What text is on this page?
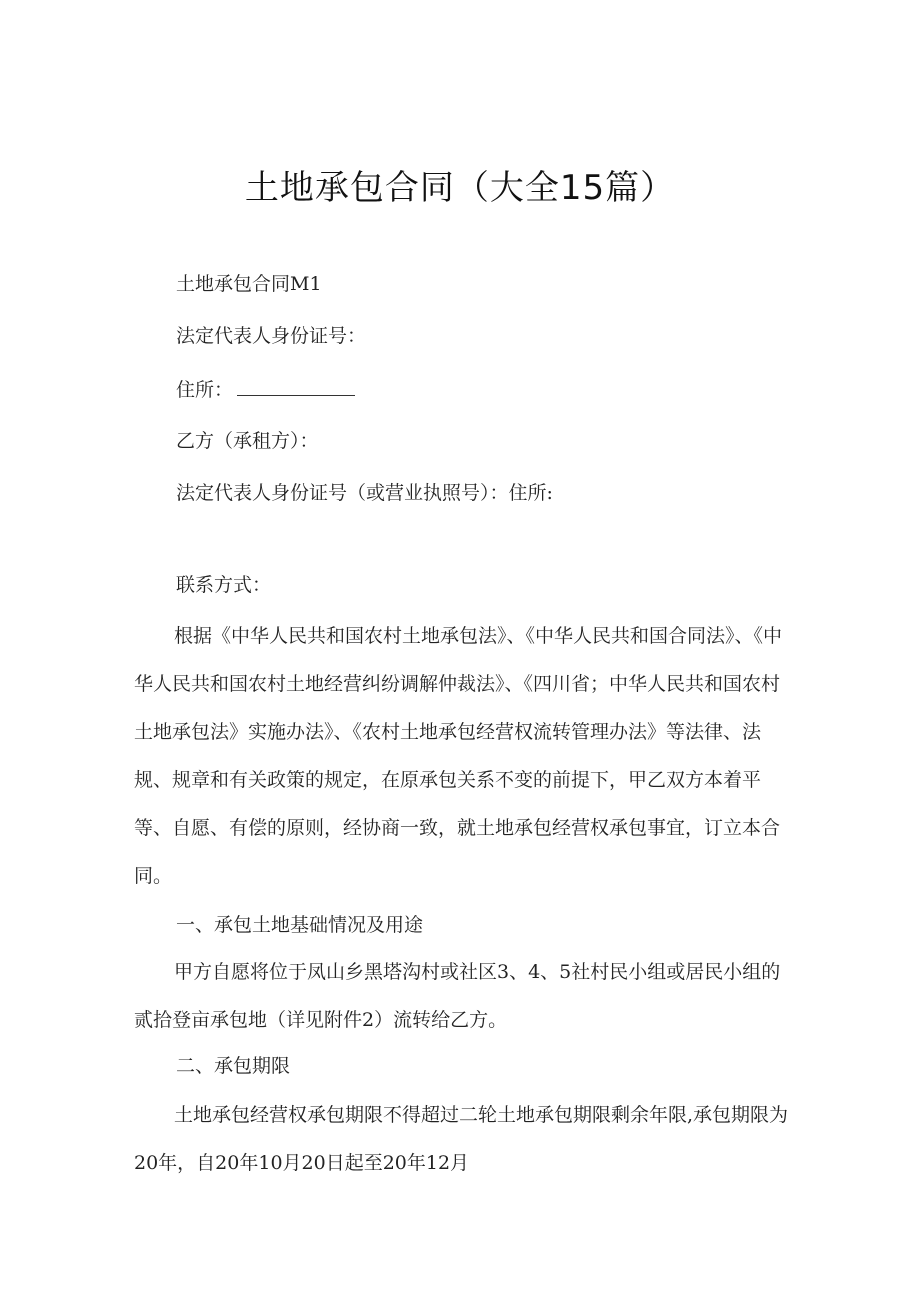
土地承包合同（大全15篇）
土地承包合同M1
法定代表人身份证号：
住所：
乙方（承租方）：
法定代表人身份证号（或营业执照号）：住所:
联系方式：
根据《中华人民共和国农村土地承包法》、《中华人民共和国合同法》、《中华人民共和国农村土地经营纠纷调解仲裁法》、《四川省；中华人民共和国农村土地承包法》实施办法》、《农村土地承包经营权流转管理办法》等法律、法规、规章和有关政策的规定，在原承包关系不变的前提下，甲乙双方本着平等、自愿、有偿的原则，经协商一致，就土地承包经营权承包事宜，订立本合同。
一、承包土地基础情况及用途
甲方自愿将位于凤山乡黑塔沟村或社区3、4、5社村民小组或居民小组的贰拾登亩承包地（详见附件2）流转给乙方。
二、承包期限
土地承包经营权承包期限不得超过二轮土地承包期限剩余年限,承包期限为20年，自20年10月20日起至20年12月
